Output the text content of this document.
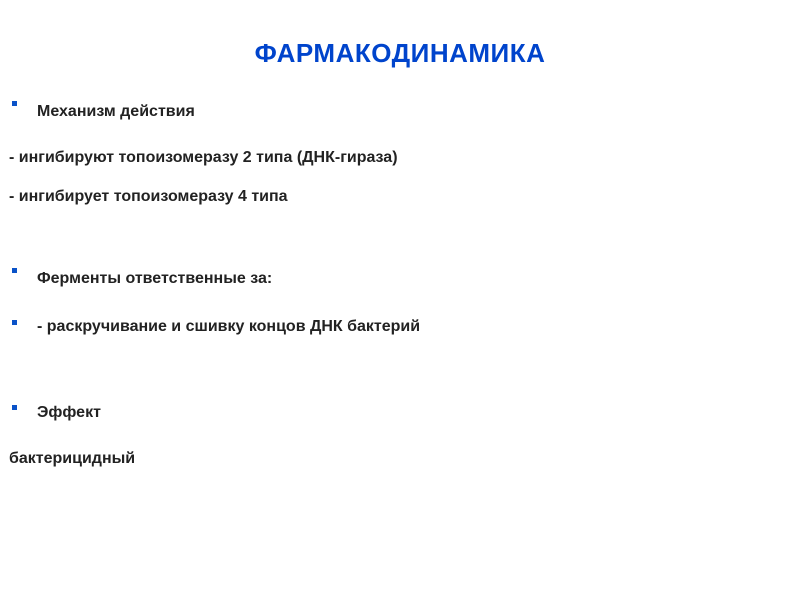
ФАРМАКОДИНАМИКА
Механизм действия
- ингибируют топоизомеразу 2 типа (ДНК-гираза)
- ингибирует топоизомеразу 4 типа
Ферменты ответственные за:
- раскручивание и сшивку концов ДНК бактерий
Эффект
бактерицидный
